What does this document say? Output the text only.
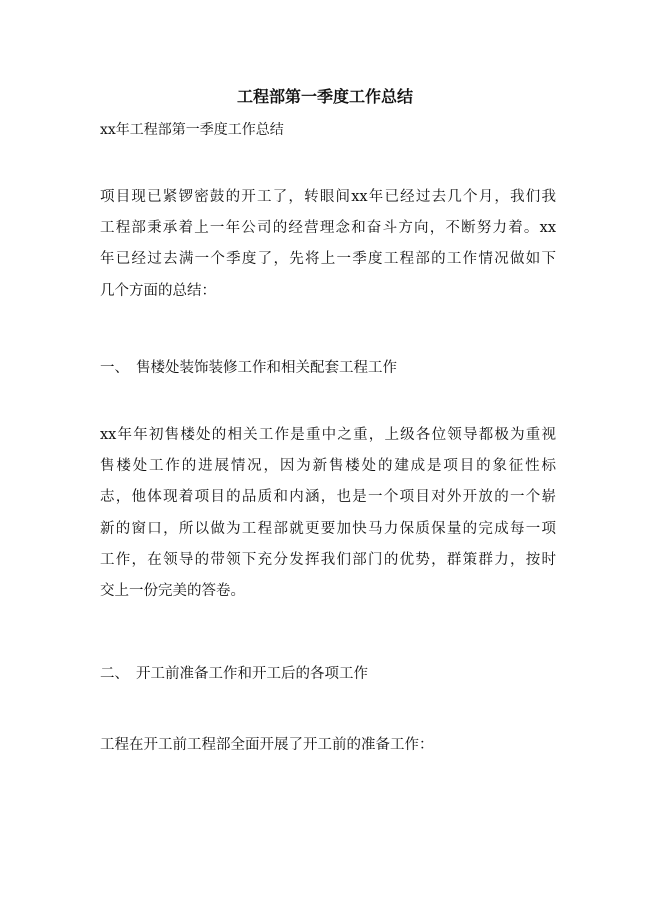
工程部第一季度工作总结

xx年工程部第一季度工作总结

项目现已紧锣密鼓的开工了，转眼间xx年已经过去几个月，我们我
工程部秉承着上一年公司的经营理念和奋斗方向，不断努力着。xx
年已经过去满一个季度了，先将上一季度工程部的工作情况做如下
几个方面的总结：
一、 售楼处装饰装修工作和相关配套工程工作
xx年年初售楼处的相关工作是重中之重，上级各位领导都极为重视
售楼处工作的进展情况，因为新售楼处的建成是项目的象征性标
志，他体现着项目的品质和内涵，也是一个项目对外开放的一个崭
新的窗口，所以做为工程部就更要加快马力保质保量的完成每一项
工作，在领导的带领下充分发挥我们部门的优势，群策群力，按时
交上一份完美的答卷。
二、 开工前准备工作和开工后的各项工作
工程在开工前工程部全面开展了开工前的准备工作：
